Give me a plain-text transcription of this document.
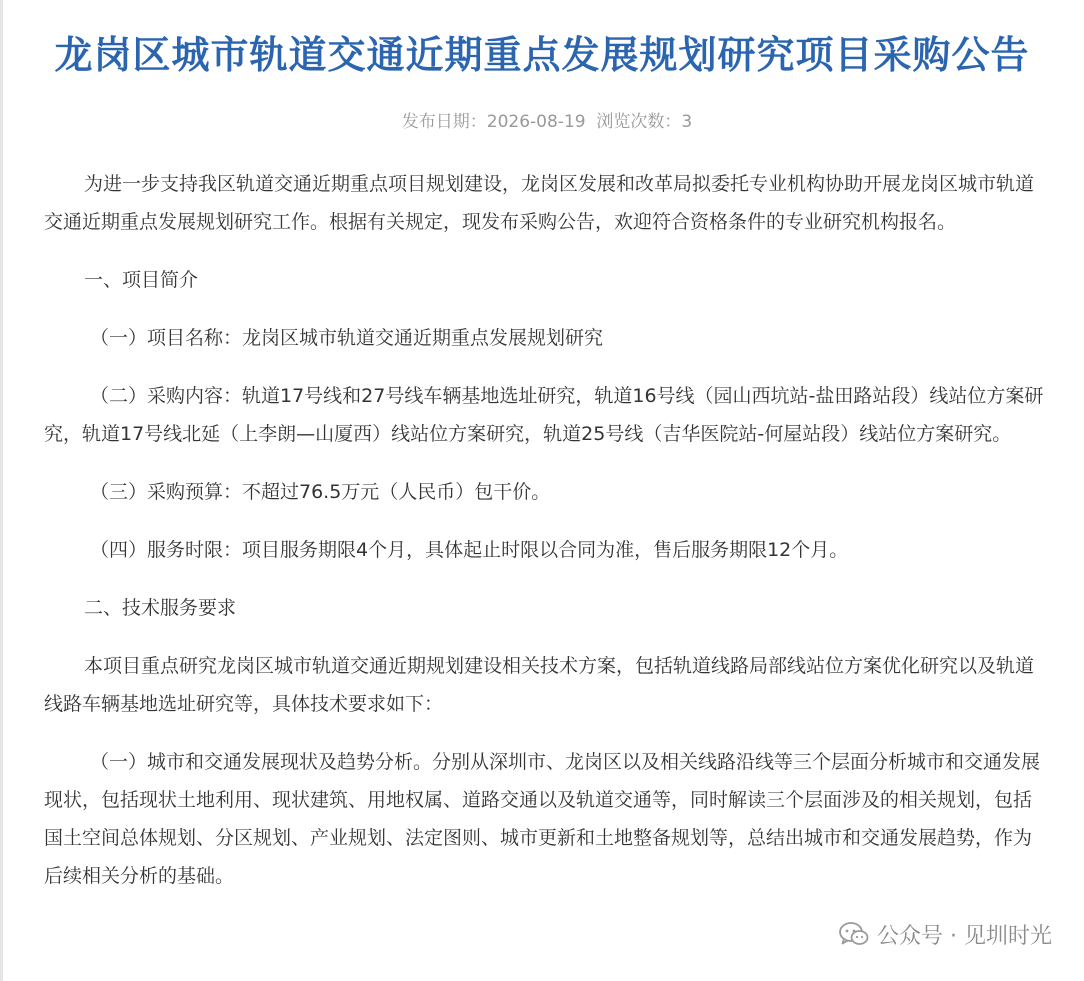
龙岗区城市轨道交通近期重点发展规划研究项目采购公告
发布日期：2026-08-19 浏览次数：3

为进一步支持我区轨道交通近期重点项目规划建设，龙岗区发展和改革局拟委托专业机构协助开展龙岗区城市轨道交通近期重点发展规划研究工作。根据有关规定，现发布采购公告，欢迎符合资格条件的专业研究机构报名。

一、项目简介

（一）项目名称：龙岗区城市轨道交通近期重点发展规划研究

（二）采购内容：轨道17号线和27号线车辆基地选址研究，轨道16号线（园山西坑站-盐田路站段）线站位方案研究，轨道17号线北延（上李朗—山厦西）线站位方案研究，轨道25号线（吉华医院站-何屋站段）线站位方案研究。

（三）采购预算：不超过76.5万元（人民币）包干价。

（四）服务时限：项目服务期限4个月，具体起止时限以合同为准，售后服务期限12个月。

二、技术服务要求

本项目重点研究龙岗区城市轨道交通近期规划建设相关技术方案，包括轨道线路局部线站位方案优化研究以及轨道线路车辆基地选址研究等，具体技术要求如下：

（一）城市和交通发展现状及趋势分析。分别从深圳市、龙岗区以及相关线路沿线等三个层面分析城市和交通发展现状，包括现状土地利用、现状建筑、用地权属、道路交通以及轨道交通等，同时解读三个层面涉及的相关规划，包括国土空间总体规划、分区规划、产业规划、法定图则、城市更新和土地整备规划等，总结出城市和交通发展趋势，作为后续相关分析的基础。

公众号 · 见圳时光
